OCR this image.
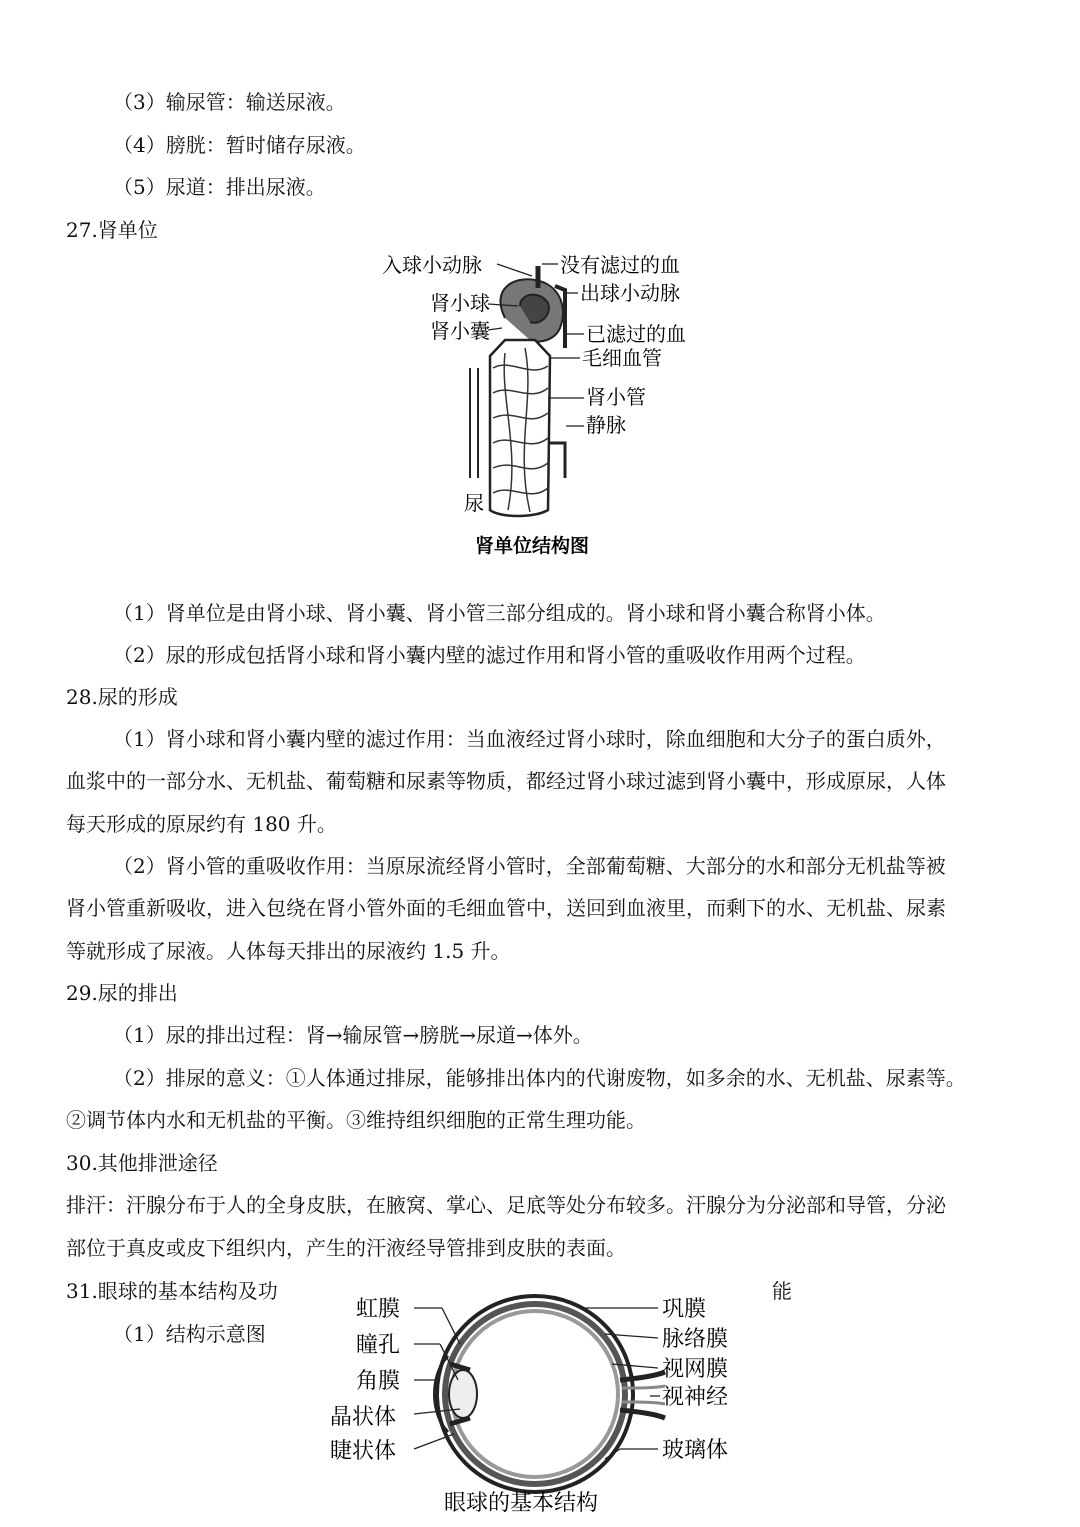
（3）输尿管：输送尿液。
（4）膀胱：暂时储存尿液。
（5）尿道：排出尿液。
27.肾单位
入球小动脉	没有滤过的血
肾小球	出球小动脉
肾小囊	已滤过的血
毛细血管
肾小管
静脉
尿
肾单位结构图
（1）肾单位是由肾小球、肾小囊、肾小管三部分组成的。肾小球和肾小囊合称肾小体。
（2）尿的形成包括肾小球和肾小囊内壁的滤过作用和肾小管的重吸收作用两个过程。
28.尿的形成
（1）肾小球和肾小囊内壁的滤过作用：当血液经过肾小球时，除血细胞和大分子的蛋白质外，
血浆中的一部分水、无机盐、葡萄糖和尿素等物质，都经过肾小球过滤到肾小囊中，形成原尿，人体
每天形成的原尿约有 180 升。
（2）肾小管的重吸收作用：当原尿流经肾小管时，全部葡萄糖、大部分的水和部分无机盐等被
肾小管重新吸收，进入包绕在肾小管外面的毛细血管中，送回到血液里，而剩下的水、无机盐、尿素
等就形成了尿液。人体每天排出的尿液约 1.5 升。
29.尿的排出
（1）尿的排出过程：肾→输尿管→膀胱→尿道→体外。
（2）排尿的意义：①人体通过排尿，能够排出体内的代谢废物，如多余的水、无机盐、尿素等。
②调节体内水和无机盐的平衡。③维持组织细胞的正常生理功能。
30.其他排泄途径
排汗：汗腺分布于人的全身皮肤，在腋窝、掌心、足底等处分布较多。汗腺分为分泌部和导管，分泌
部位于真皮或皮下组织内，产生的汗液经导管排到皮肤的表面。
31.眼球的基本结构及功	能
（1）结构示意图
虹膜
瞳孔
角膜
晶状体
睫状体
巩膜
脉络膜
视网膜
视神经
玻璃体
眼球的基本结构
